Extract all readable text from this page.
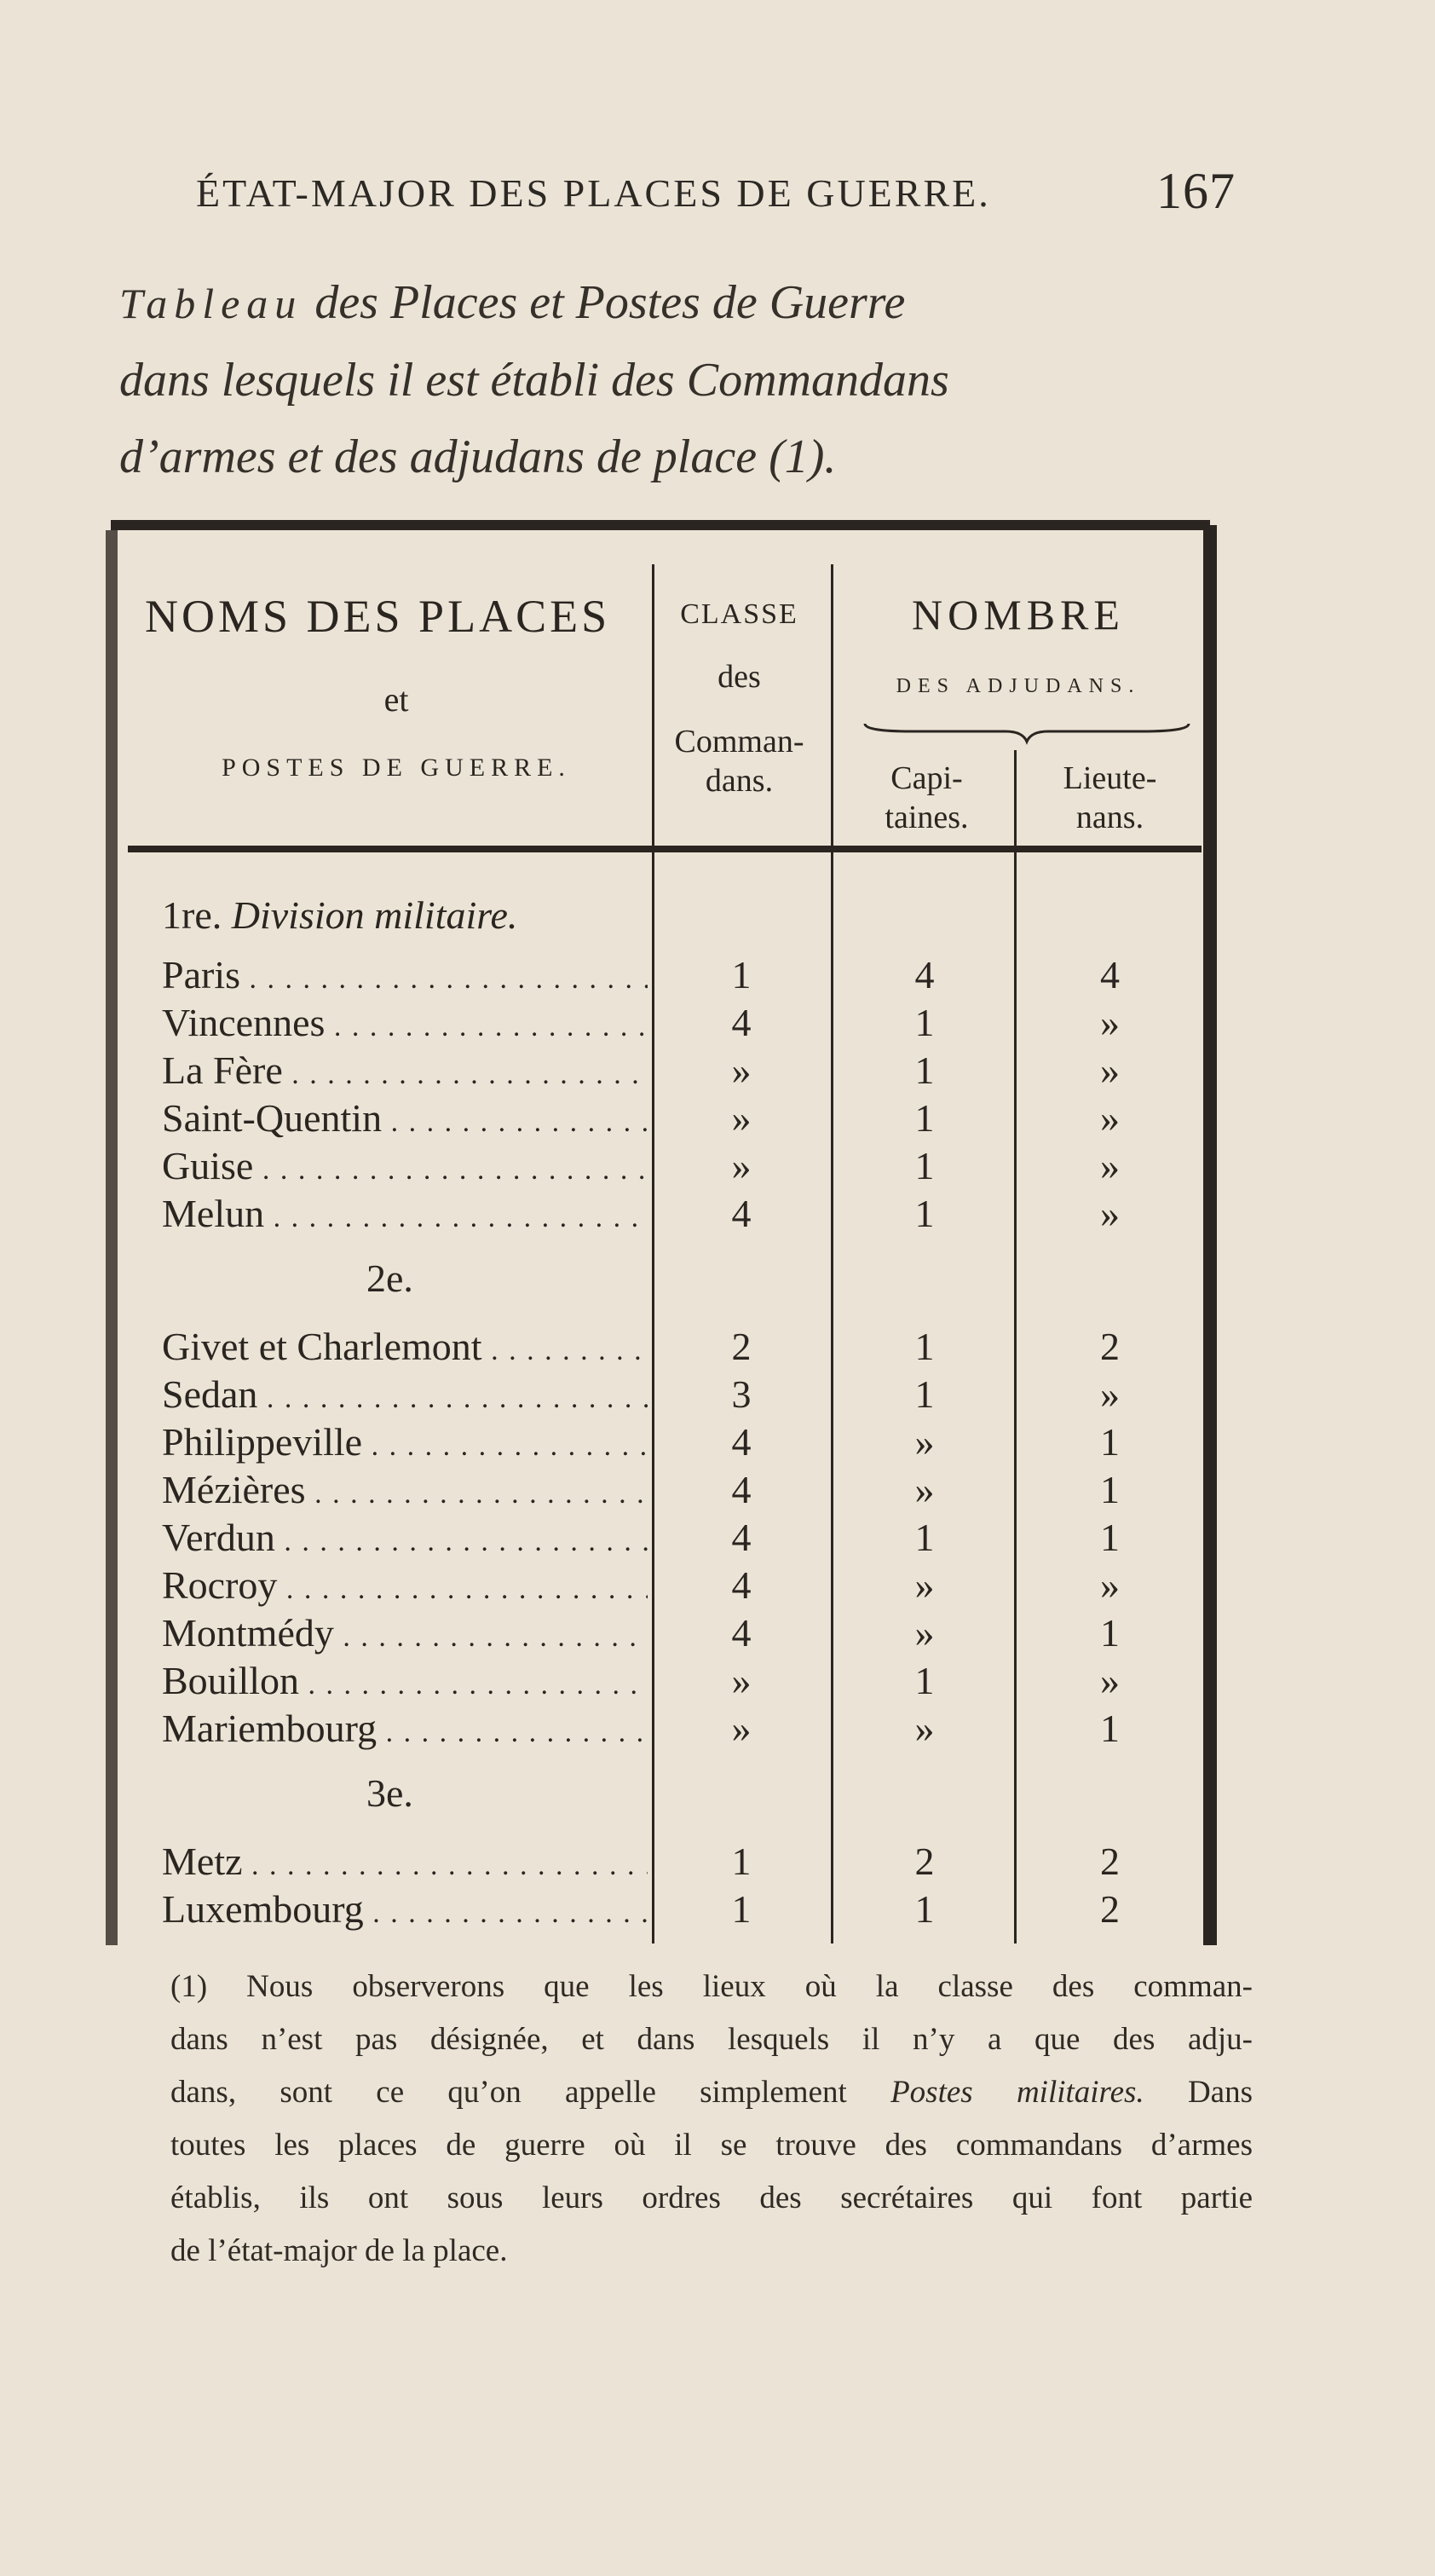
ÉTAT-MAJOR DES PLACES DE GUERRE.	167
Tableau des Places et Postes de Guerre
dans lesquels il est établi des Commandans
d’armes et des adjudans de place (1).
NOMS DES PLACES
et
POSTES DE GUERRE.
CLASSE
des
Comman-
dans.
NOMBRE
DES ADJUDANS.
Capi-
taines.
Lieute-
nans.
1re. Division militaire.
Paris . . .	1	4	4
Vincennes . . .	4	1	»
La Fère . . .	»	1	»
Saint-Quentin . . .	»	1	»
Guise . . .	»	1	»
Melun . . .	4	1	»
2e.
Givet et Charlemont . . .	2	1	2
Sedan . . .	3	1	»
Philippeville . . .	4	»	1
Mézières . . .	4	»	1
Verdun . . .	4	1	1
Rocroy . . .	4	»	»
Montmédy . . .	4	»	1
Bouillon . . .	»	1	»
Mariembourg . . .	»	»	1
3e.
Metz . . .	1	2	2
Luxembourg . . .	1	1	2
(1) Nous observerons que les lieux où la classe des comman-
dans n’est pas désignée, et dans lesquels il n’y a que des adju-
dans, sont ce qu’on appelle simplement Postes militaires. Dans
toutes les places de guerre où il se trouve des commandans d’armes
établis, ils ont sous leurs ordres des secrétaires qui font partie
de l’état-major de la place.
